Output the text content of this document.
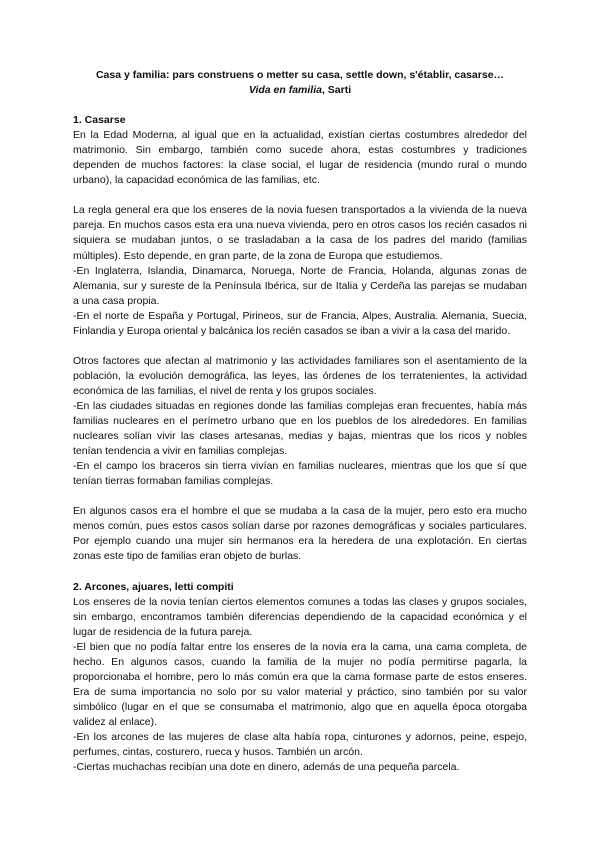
Casa y familia: pars construens o metter su casa, settle down, s'établir, casarse…

Vida en familia, Sarti

1. Casarse

En la Edad Moderna, al igual que en la actualidad, existían ciertas costumbres alrededor del matrimonio. Sin embargo, también como sucede ahora, estas costumbres y tradiciones dependen de muchos factores: la clase social, el lugar de residencia (mundo rural o mundo urbano), la capacidad económica de las familias, etc.

La regla general era que los enseres de la novia fuesen transportados a la vivienda de la nueva pareja. En muchos casos esta era una nueva vivienda, pero en otros casos los recién casados ni siquiera se mudaban juntos, o se trasladaban a la casa de los padres del marido (familias múltiples). Esto depende, en gran parte, de la zona de Europa que estudiemos.

-En Inglaterra, Islandia, Dinamarca, Noruega, Norte de Francia, Holanda, algunas zonas de Alemania, sur y sureste de la Península Ibérica, sur de Italia y Cerdeña las parejas se mudaban a una casa propia.

-En el norte de España y Portugal, Pirineos, sur de Francia, Alpes, Australia. Alemania, Suecia, Finlandia y Europa oriental y balcánica los recién casados se iban a vivir a la casa del marido.

Otros factores que afectan al matrimonio y las actividades familiares son el asentamiento de la población, la evolución demográfica, las leyes, las órdenes de los terratenientes, la actividad económica de las familias, el nivel de renta y los grupos sociales.

-En las ciudades situadas en regiones donde las familias complejas eran frecuentes, había más familias nucleares en el perímetro urbano que en los pueblos de los alrededores. En familias nucleares solían vivir las clases artesanas, medias y bajas, mientras que los ricos y nobles tenían tendencia a vivir en familias complejas.

-En el campo los braceros sin tierra vivían en familias nucleares, mientras que los que sí que tenían tierras formaban familias complejas.

En algunos casos era el hombre el que se mudaba a la casa de la mujer, pero esto era mucho menos común, pues estos casos solían darse por razones demográficas y sociales particulares. Por ejemplo cuando una mujer sin hermanos era la heredera de una explotación. En ciertas zonas este tipo de familias eran objeto de burlas.

2. Arcones, ajuares, letti compiti

Los enseres de la novia tenían ciertos elementos comunes a todas las clases y grupos sociales, sin embargo, encontramos también diferencias dependiendo de la capacidad económica y el lugar de residencia de la futura pareja.

-El bien que no podía faltar entre los enseres de la novia era la cama, una cama completa, de hecho. En algunos casos, cuando la familia de la mujer no podía permitirse pagarla, la proporcionaba el hombre, pero lo más común era que la cama formase parte de estos enseres. Era de suma importancia no solo por su valor material y práctico, sino también por su valor simbólico (lugar en el que se consumaba el matrimonio, algo que en aquella época otorgaba validez al enlace).

-En los arcones de las mujeres de clase alta había ropa, cinturones y adornos, peine, espejo, perfumes, cintas, costurero, rueca y husos. También un arcón.

-Ciertas muchachas recibían una dote en dinero, además de una pequeña parcela.
